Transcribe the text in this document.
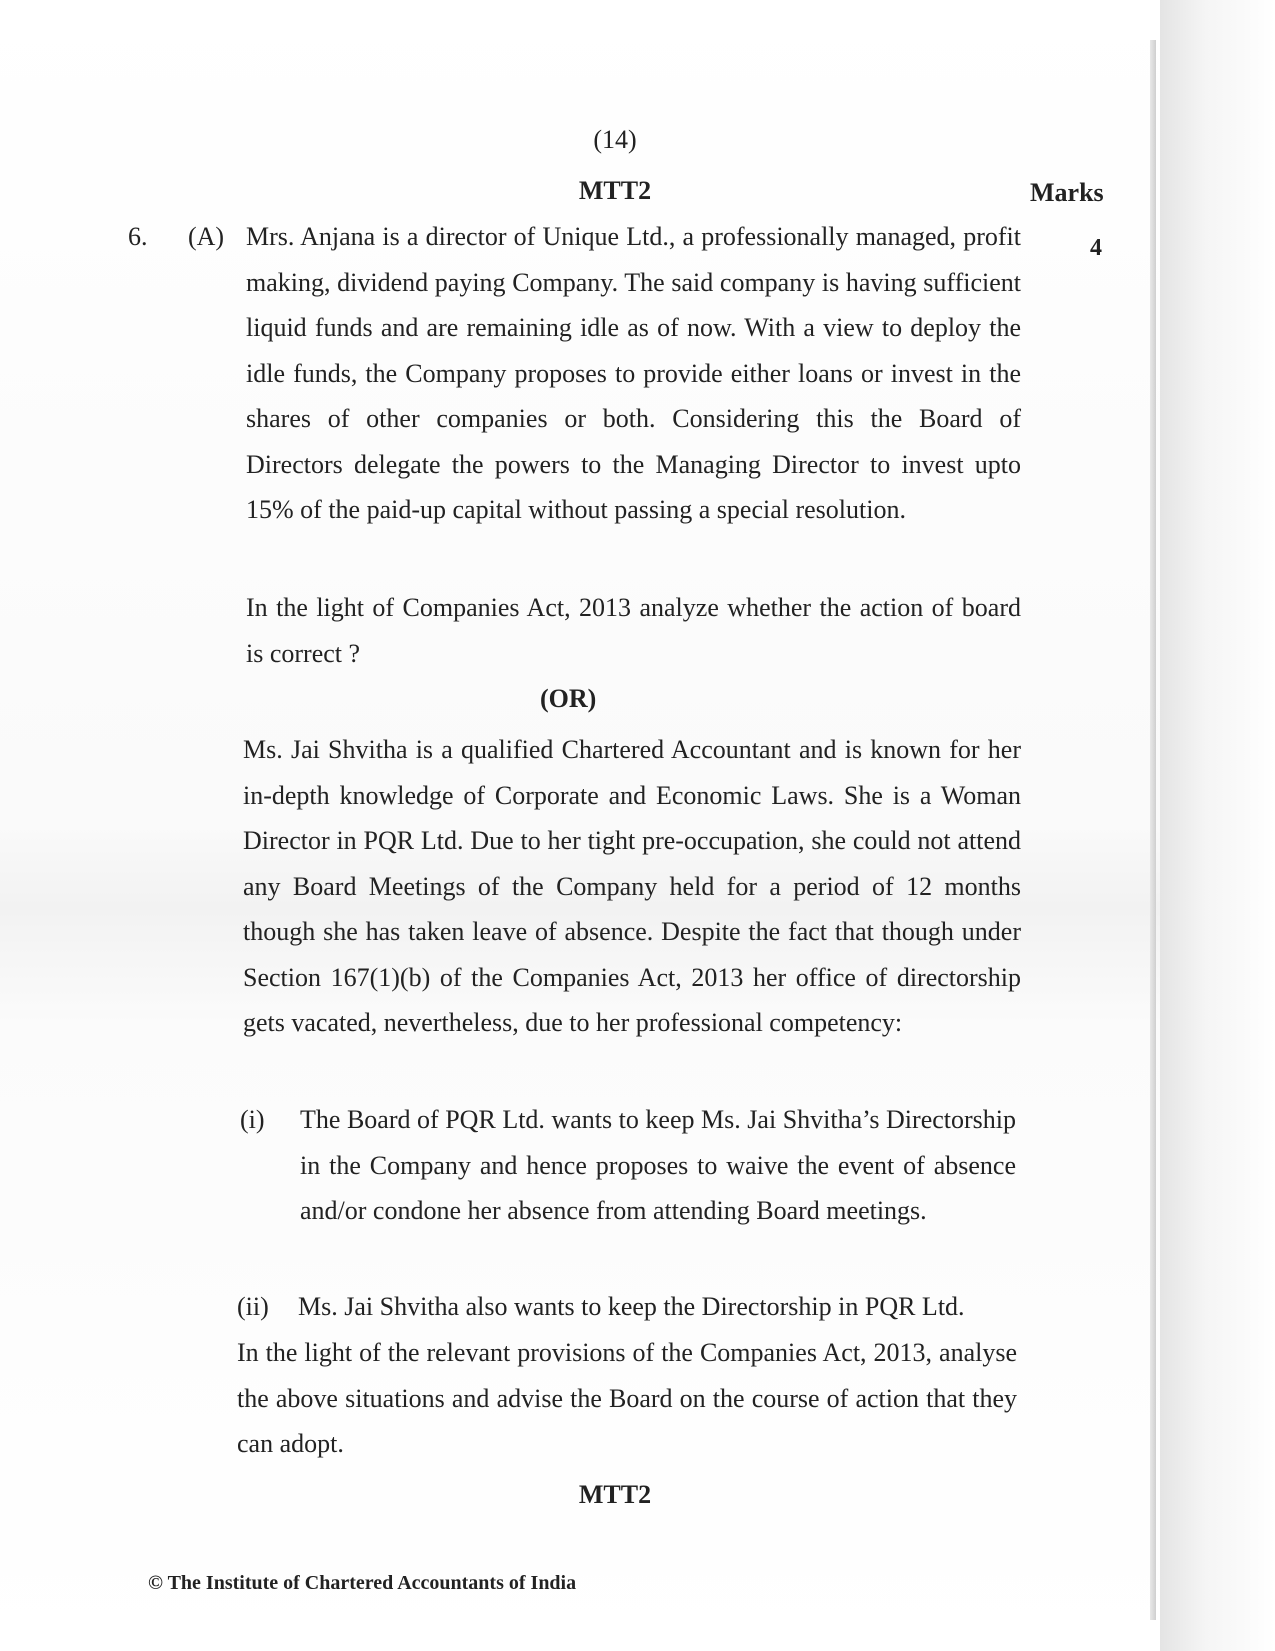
(14)
MTT2	Marks
4
6. (A) Mrs. Anjana is a director of Unique Ltd., a professionally managed, profit making, dividend paying Company. The said company is having sufficient liquid funds and are remaining idle as of now. With a view to deploy the idle funds, the Company proposes to provide either loans or invest in the shares of other companies or both. Considering this the Board of Directors delegate the powers to the Managing Director to invest upto 15% of the paid-up capital without passing a special resolution.

In the light of Companies Act, 2013 analyze whether the action of board is correct ?

(OR)

Ms. Jai Shvitha is a qualified Chartered Accountant and is known for her in-depth knowledge of Corporate and Economic Laws. She is a Woman Director in PQR Ltd. Due to her tight pre-occupation, she could not attend any Board Meetings of the Company held for a period of 12 months though she has taken leave of absence. Despite the fact that though under Section 167(1)(b) of the Companies Act, 2013 her office of directorship gets vacated, nevertheless, due to her professional competency:

(i) The Board of PQR Ltd. wants to keep Ms. Jai Shvitha’s Directorship in the Company and hence proposes to waive the event of absence and/or condone her absence from attending Board meetings.

(ii) Ms. Jai Shvitha also wants to keep the Directorship in PQR Ltd.

In the light of the relevant provisions of the Companies Act, 2013, analyse the above situations and advise the Board on the course of action that they can adopt.

MTT2
© The Institute of Chartered Accountants of India
